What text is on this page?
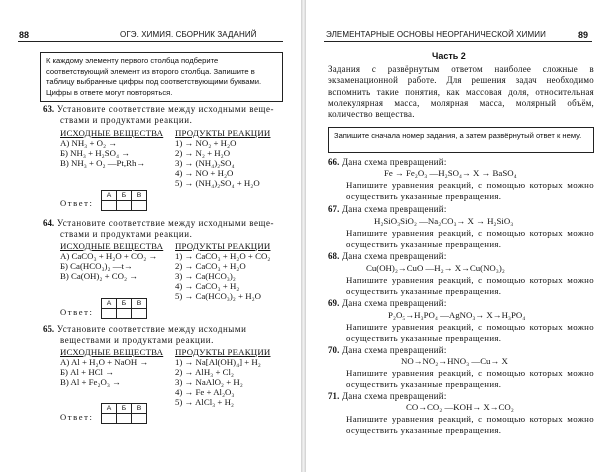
88	ОГЭ. ХИМИЯ. СБОРНИК ЗАДАНИЙ
К каждому элементу первого столбца подберите соответствующий элемент из второго столбца. Запишите в таблицу выбранные цифры под соответствующими буквами. Цифры в ответе могут повторяться.
63. Установите соответствие между исходными веще-
ствами и продуктами реакции.
ИСХОДНЫЕ ВЕЩЕСТВА ПРОДУКТЫ РЕАКЦИИ
A) NH₃ + O₂ →
Б) NH₃ + H₂SO₄ →
B) NH₃ + O₂ —Pt,Rh→
1) → NO₂ + H₂O
2) → N₂ + H₂O
3) → (NH₄)₂SO₄
4) → NO + H₂O
5) → (NH₄)₂SO₄ + H₂O
Ответ:
А	Б	В

64. Установите соответствие между исходными веще-
ствами и продуктами реакции.
ИСХОДНЫЕ ВЕЩЕСТВА ПРОДУКТЫ РЕАКЦИИ
A) CaCO₃ + H₂O + CO₂ →
Б) Ca(HCO₃)₂ —t→
B) Ca(OH)₂ + CO₂ →
1) → CaCO₃ + H₂O + CO₂
2) → CaCO₃ + H₂O
3) → Ca(HCO₃)₂
4) → CaCO₃ + H₂
5) → Ca(HCO₃)₂ + H₂O
Ответ:
А	Б	В

65. Установите соответствие между исходными
веществами и продуктами реакции.
ИСХОДНЫЕ ВЕЩЕСТВА ПРОДУКТЫ РЕАКЦИИ
A) Al + H₂O + NaOH →
Б) Al + HCl →
B) Al + Fe₂O₃ →
1) → Na[Al(OH)₄] + H₂
2) → AlH₃ + Cl₂
3) → NaAlO₂ + H₂
4) → Fe + Al₂O₃
5) → AlCl₃ + H₂
Ответ:
А	Б	В

ЭЛЕМЕНТАРНЫЕ ОСНОВЫ НЕОРГАНИЧЕСКОЙ ХИМИИ	89
Часть 2
Задания с развёрнутым ответом наиболее сложные в экзаменационной работе. Для решения задач необходимо вспомнить такие понятия, как массовая доля, относительная молекулярная масса, молярная масса, молярный объём, количество вещества.
Запишите сначала номер задания, а затем развёрнутый ответ к нему.
66. Дана схема превращений:
Fe → Fe₂O₃ —H₂SO₄→ X → BaSO₄
Напишите уравнения реакций, с помощью которых можно осуществить указанные превращения.
67. Дана схема превращений:
H₂SiO₃SiO₂ —Na₂CO₃→ X → H₂SiO₃
Напишите уравнения реакций, с помощью которых можно осуществить указанные превращения.
68. Дана схема превращений:
Cu(OH)₂→CuO —H₂→ X→Cu(NO₃)₂
Напишите уравнения реакций, с помощью которых можно осуществить указанные превращения.
69. Дана схема превращений:
P₂O₅→H₃PO₄ —AgNO₃→ X→H₃PO₄
Напишите уравнения реакций, с помощью которых можно осуществить указанные превращения.
70. Дана схема превращений:
NO→NO₂→HNO₃ —Cu→ X
Напишите уравнения реакций, с помощью которых можно осуществить указанные превращения.
71. Дана схема превращений:
CO→CO₂ —KOH→ X→CO₂
Напишите уравнения реакций, с помощью которых можно осуществить указанные превращения.
